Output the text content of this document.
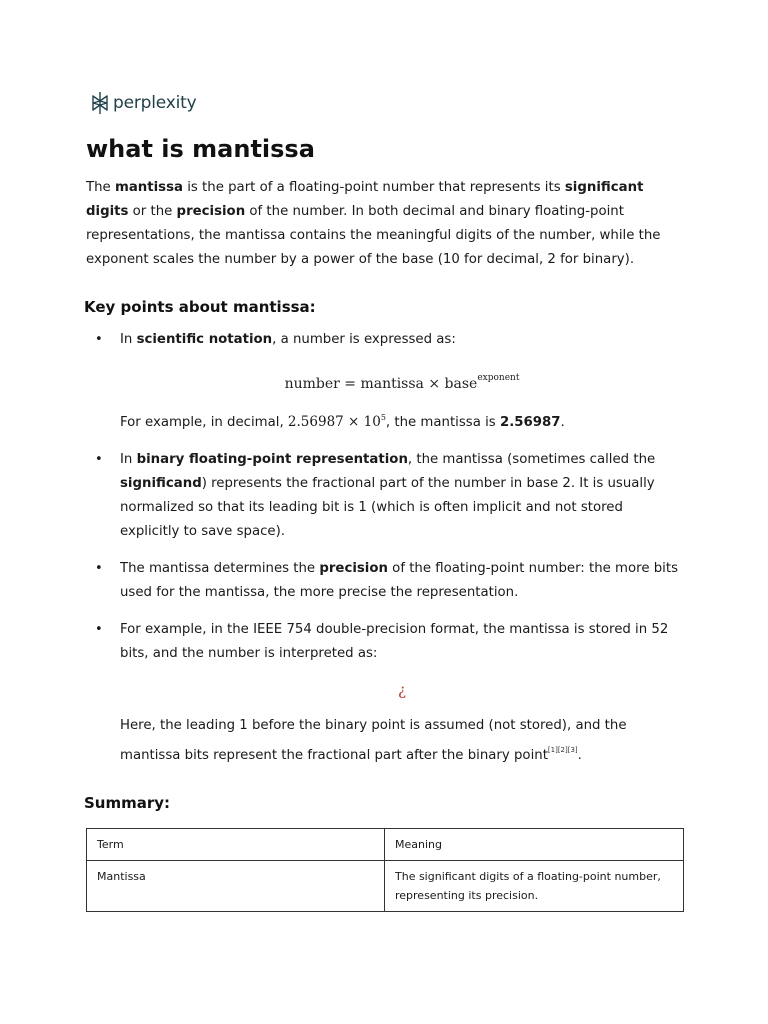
perplexity
what is mantissa

The mantissa is the part of a floating-point number that represents its significant digits or the precision of the number. In both decimal and binary floating-point representations, the mantissa contains the meaningful digits of the number, while the exponent scales the number by a power of the base (10 for decimal, 2 for binary).

Key points about mantissa:
• In scientific notation, a number is expressed as:
number = mantissa × base$^{exponent}$
For example, in decimal, $2.56987 \times 10^5$, the mantissa is 2.56987.
• In binary floating-point representation, the mantissa (sometimes called the significand) represents the fractional part of the number in base 2. It is usually normalized so that its leading bit is 1 (which is often implicit and not stored explicitly to save space).
• The mantissa determines the precision of the floating-point number: the more bits used for the mantissa, the more precise the representation.
• For example, in the IEEE 754 double-precision format, the mantissa is stored in 52 bits, and the number is interpreted as:
¿
Here, the leading 1 before the binary point is assumed (not stored), and the mantissa bits represent the fractional part after the binary point[1][2][3].
Summary:
Term	Meaning
Mantissa	The significant digits of a floating-point number, representing its precision.
